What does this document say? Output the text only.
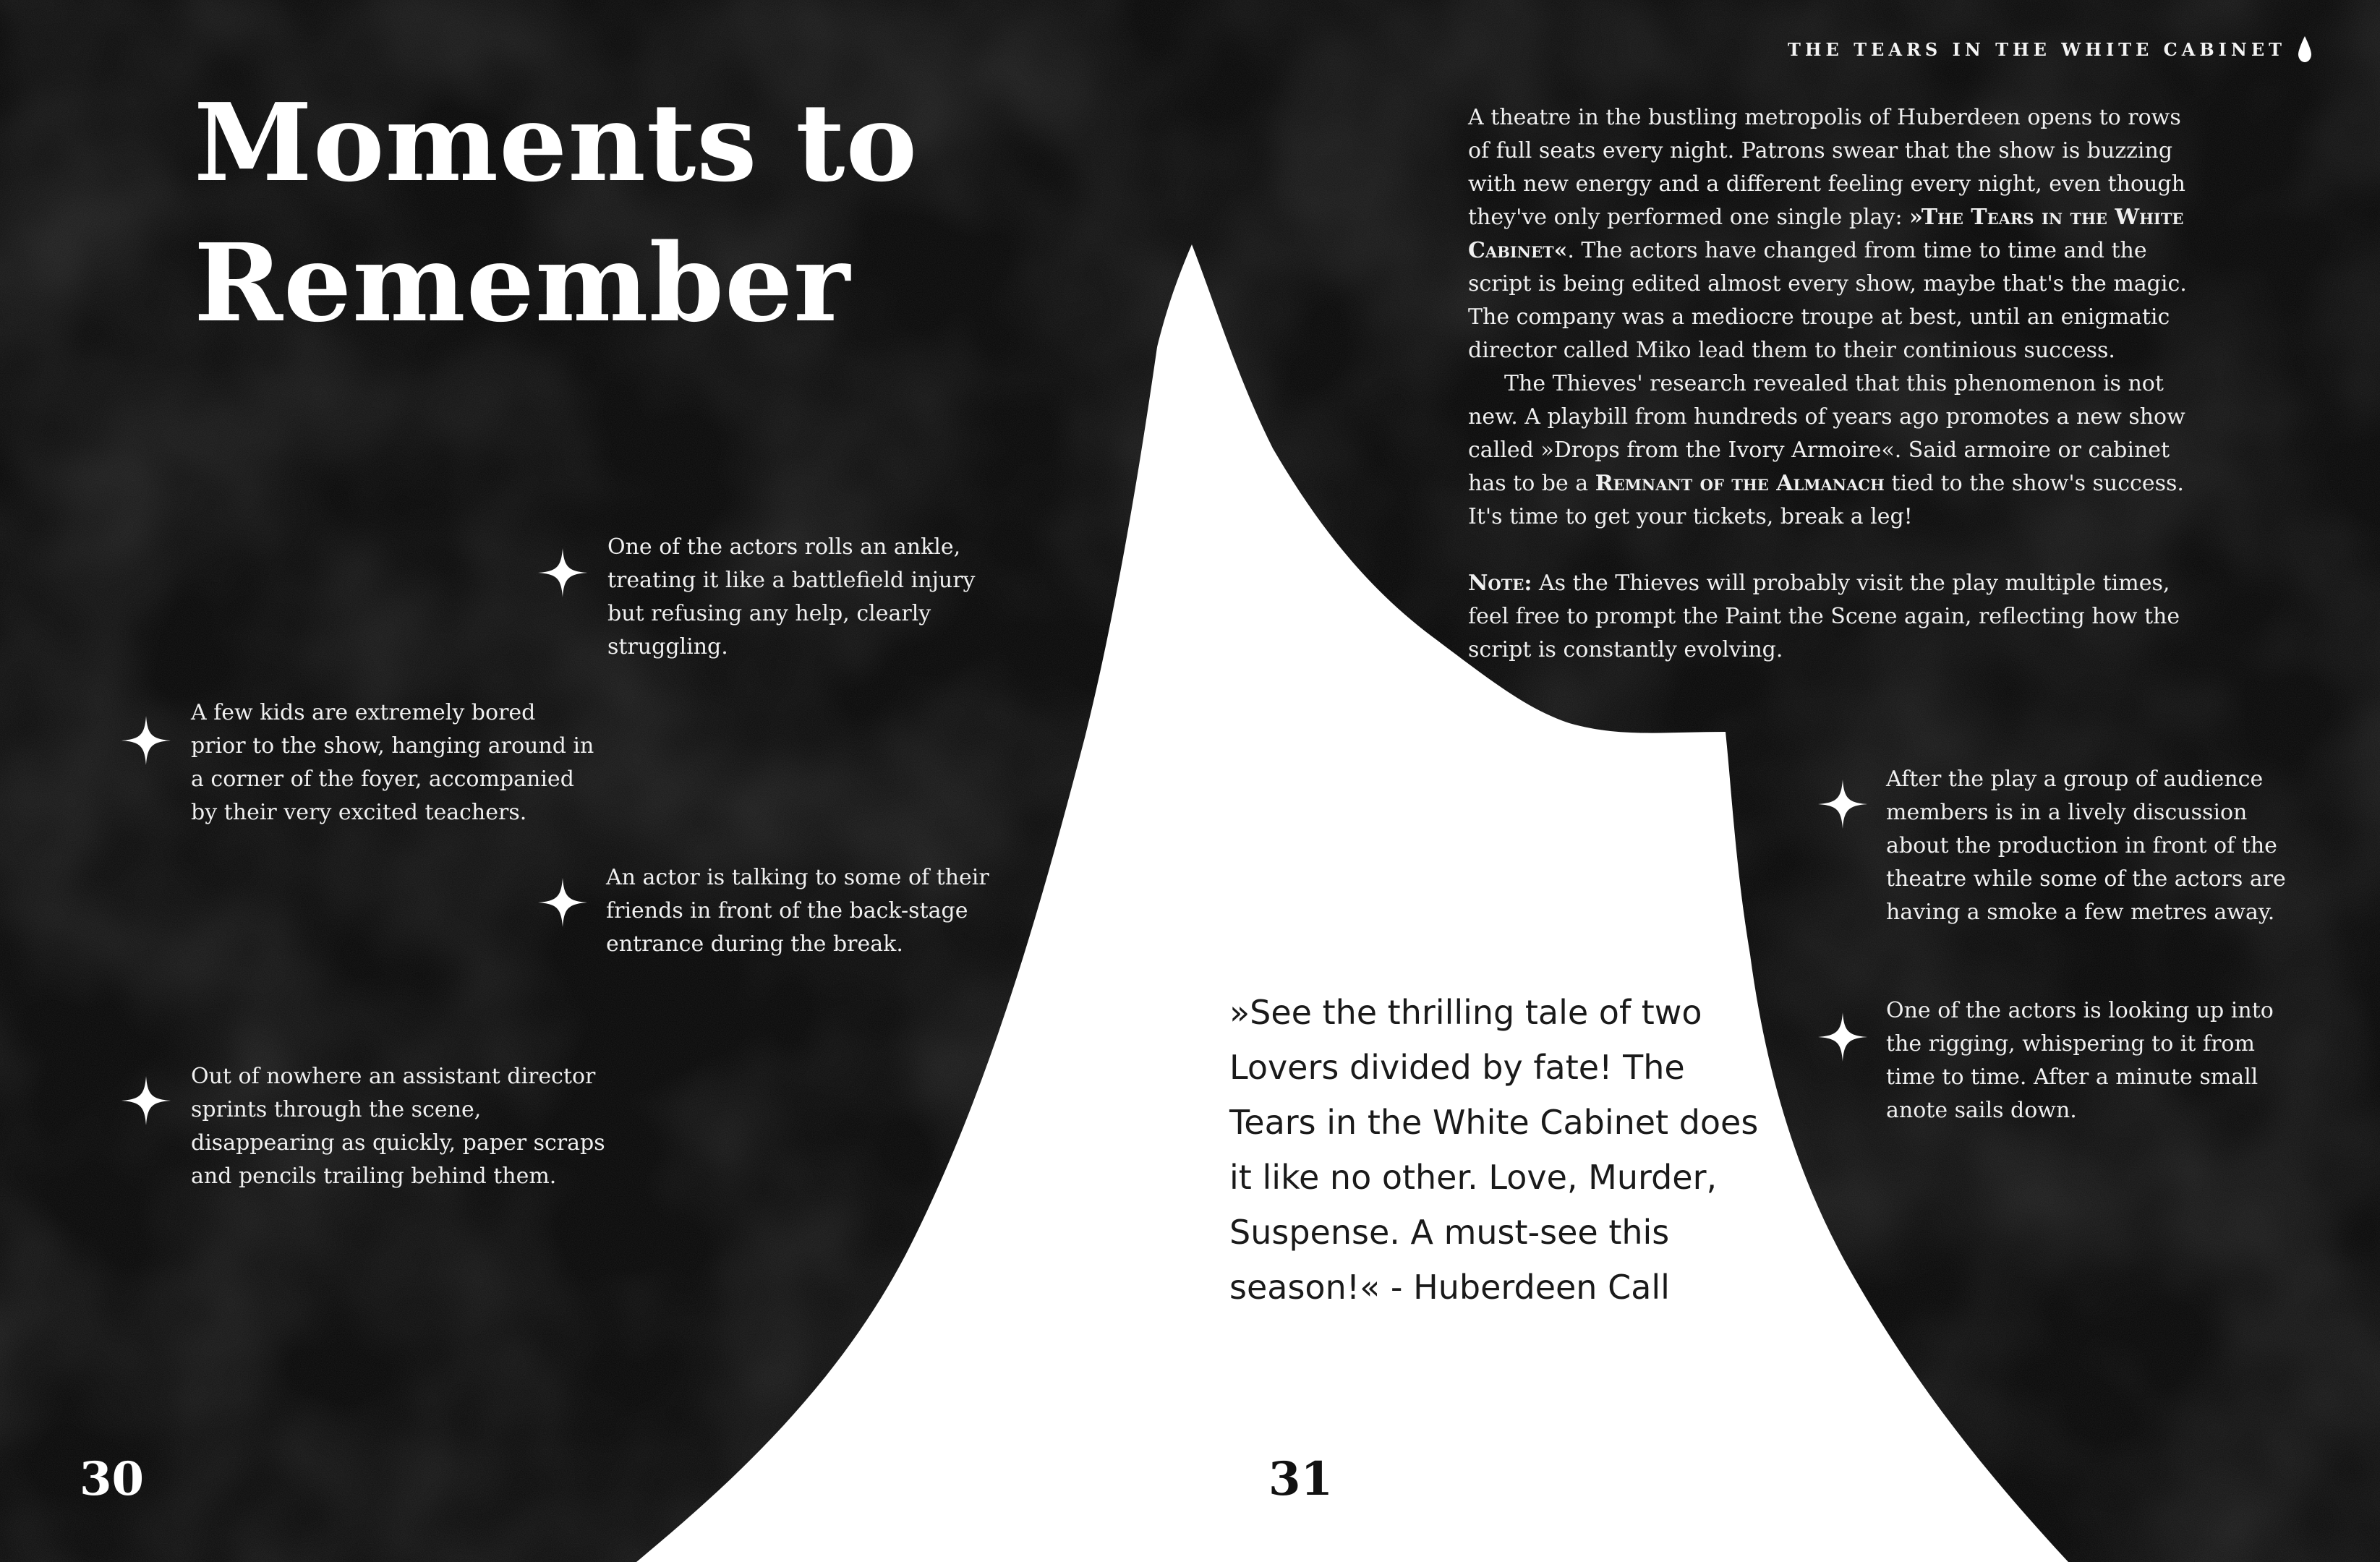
THE TEARS IN THE WHITE CABINET
Moments to
Remember

A theatre in the bustling metropolis of Huberdeen opens to rows of full seats every night. Patrons swear that the show is buzzing with new energy and a different feeling every night, even though they've only performed one single play: »The Tears in the White Cabinet«. The actors have changed from time to time and the script is being edited almost every show, maybe that's the magic. The company was a mediocre troupe at best, until an enigmatic director called Miko lead them to their continious success.

The Thieves' research revealed that this phenomenon is not new. A playbill from hundreds of years ago promotes a new show called »Drops from the Ivory Armoire«. Said armoire or cabinet has to be a Remnant of the Almanach tied to the show's success. It's time to get your tickets, break a leg!

Note: As the Thieves will probably visit the play multiple times, feel free to prompt the Paint the Scene again, reflecting how the script is constantly evolving.

One of the actors rolls an ankle, treating it like a battlefield injury but refusing any help, clearly struggling.
A few kids are extremely bored prior to the show, hanging around in a corner of the foyer, accompanied by their very excited teachers.
An actor is talking to some of their friends in front of the back-stage entrance during the break.
Out of nowhere an assistant director sprints through the scene, disappearing as quickly, paper scraps and pencils trailing behind them.
After the play a group of audience members is in a lively discussion about the production in front of the theatre while some of the actors are having a smoke a few metres away.
One of the actors is looking up into the rigging, whispering to it from time to time. After a minute small anote sails down.
»See the thrilling tale of two Lovers divided by fate! The Tears in the White Cabinet does it like no other. Love, Murder, Suspense. A must-see this season!« - Huberdeen Call
30	31
